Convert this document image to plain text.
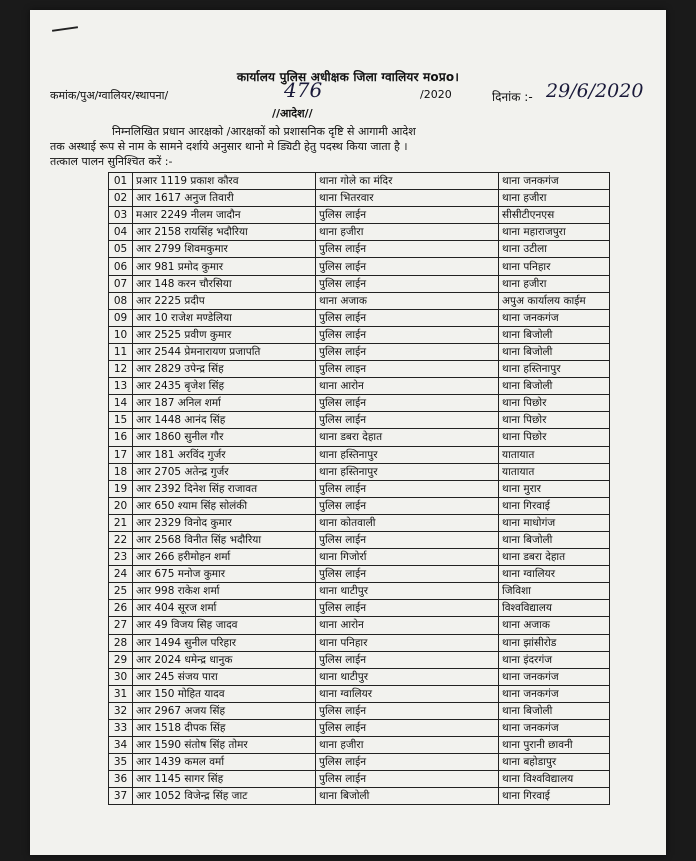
कार्यालय पुलिस अधीक्षक जिला ग्वालियर मoप्रo।
कमांक/पुअ/ग्वालियर/स्थापना/	476	/2020	दिनांक :- 29/6/2020
//आदेश//
निम्नलिखित प्रधान आरक्षको /आरक्षकों को प्रशासनिक दृष्टि से आगामी आदेश
तक अस्थाई रूप से नाम के सामने दर्शाये अनुसार थानो मे ड्यिटी हेतु पदस्थ किया जाता है ।
तत्काल पालन सुनिश्चित करें :-
01	प्रआर 1119 प्रकाश कौरव	थाना गोले का मंदिर	थाना जनकगंज
02	आर 1617 अनुज तिवारी	थाना भितरवार	थाना हजीरा
03	मआर 2249 नीलम जादौन	पुलिस लाईन	सीसीटीएनएस
04	आर 2158 रायसिंह भदौरिया	थाना हजीरा	थाना महाराजपुरा
05	आर 2799 शिवमकुमार	पुलिस लाईन	थाना उटीला
06	आर 981 प्रमोद कुमार	पुलिस लाईन	थाना पनिहार
07	आर 148 करन चौरसिया	पुलिस लाईन	थाना हजीरा
08	आर 2225 प्रदीप	थाना अजाक	अपुअ कार्यालय काईम
09	आर 10 राजेश मण्डेलिया	पुलिस लाईन	थाना जनकगंज
10	आर 2525 प्रवीण कुमार	पुलिस लाईन	थाना बिजोली
11	आर 2544 प्रेमनारायण प्रजापति	पुलिस लाईन	थाना बिजोली
12	आर 2829 उपेन्द्र सिंह	पुलिस लाइन	थाना हस्तिनापुर
13	आर 2435 बृजेश सिंह	थाना आरोन	थाना बिजोली
14	आर 187 अनिल शर्मा	पुलिस लाईन	थाना पिछोर
15	आर 1448 आनंद सिंह	पुलिस लाईन	थाना पिछोर
16	आर 1860 सुनील गौर	थाना डबरा देहात	थाना पिछोर
17	आर 181 अरविंद गुर्जर	थाना हस्तिनापुर	यातायात
18	आर 2705 अतेन्द्र गुर्जर	थाना हस्तिनापुर	यातायात
19	आर 2392 दिनेश सिंह राजावत	पुलिस लाईन	थाना मुरार
20	आर 650 श्याम सिंह सोलंकी	पुलिस लाईन	थाना गिरवाई
21	आर 2329 विनोद कुमार	थाना कोतवाली	थाना माधोगंज
22	आर 2568 विनीत सिंह भदौरिया	पुलिस लाईन	थाना बिजोली
23	आर 266 हरीमोहन शर्मा	थाना गिजोर्रा	थाना डबरा देहात
24	आर 675 मनोज कुमार	पुलिस लाईन	थाना ग्वालियर
25	आर 998 राकेश शर्मा	थाना थाटीपुर	जिविशा
26	आर 404 सूरज शर्मा	पुलिस लाईन	विश्वविद्यालय
27	आर 49 विजय सिह जादव	थाना आरोन	थाना अजाक
28	आर 1494 सुनील परिहार	थाना पनिहार	थाना झांसीरोड
29	आर 2024 धमेन्द्र धानुक	पुलिस लाईन	थाना इंदरगंज
30	आर 245 संजय पारा	थाना थाटीपुर	थाना जनकगंज
31	आर 150 मोहित यादव	थाना ग्वालियर	थाना जनकगंज
32	आर 2967 अजय सिंह	पुलिस लाईन	थाना बिजोली
33	आर 1518 दीपक सिंह	पुलिस लाईन	थाना जनकगंज
34	आर 1590 संतोष सिंह तोमर	थाना हजीरा	थाना पुरानी छावनी
35	आर 1439 कमल वर्मा	पुलिस लाईन	थाना बहोडापुर
36	आर 1145 सागर सिंह	पुलिस लाईन	थाना विश्वविद्यालय
37	आर 1052 विजेन्द्र सिंह जाट	थाना बिजोली	थाना गिरवाई
